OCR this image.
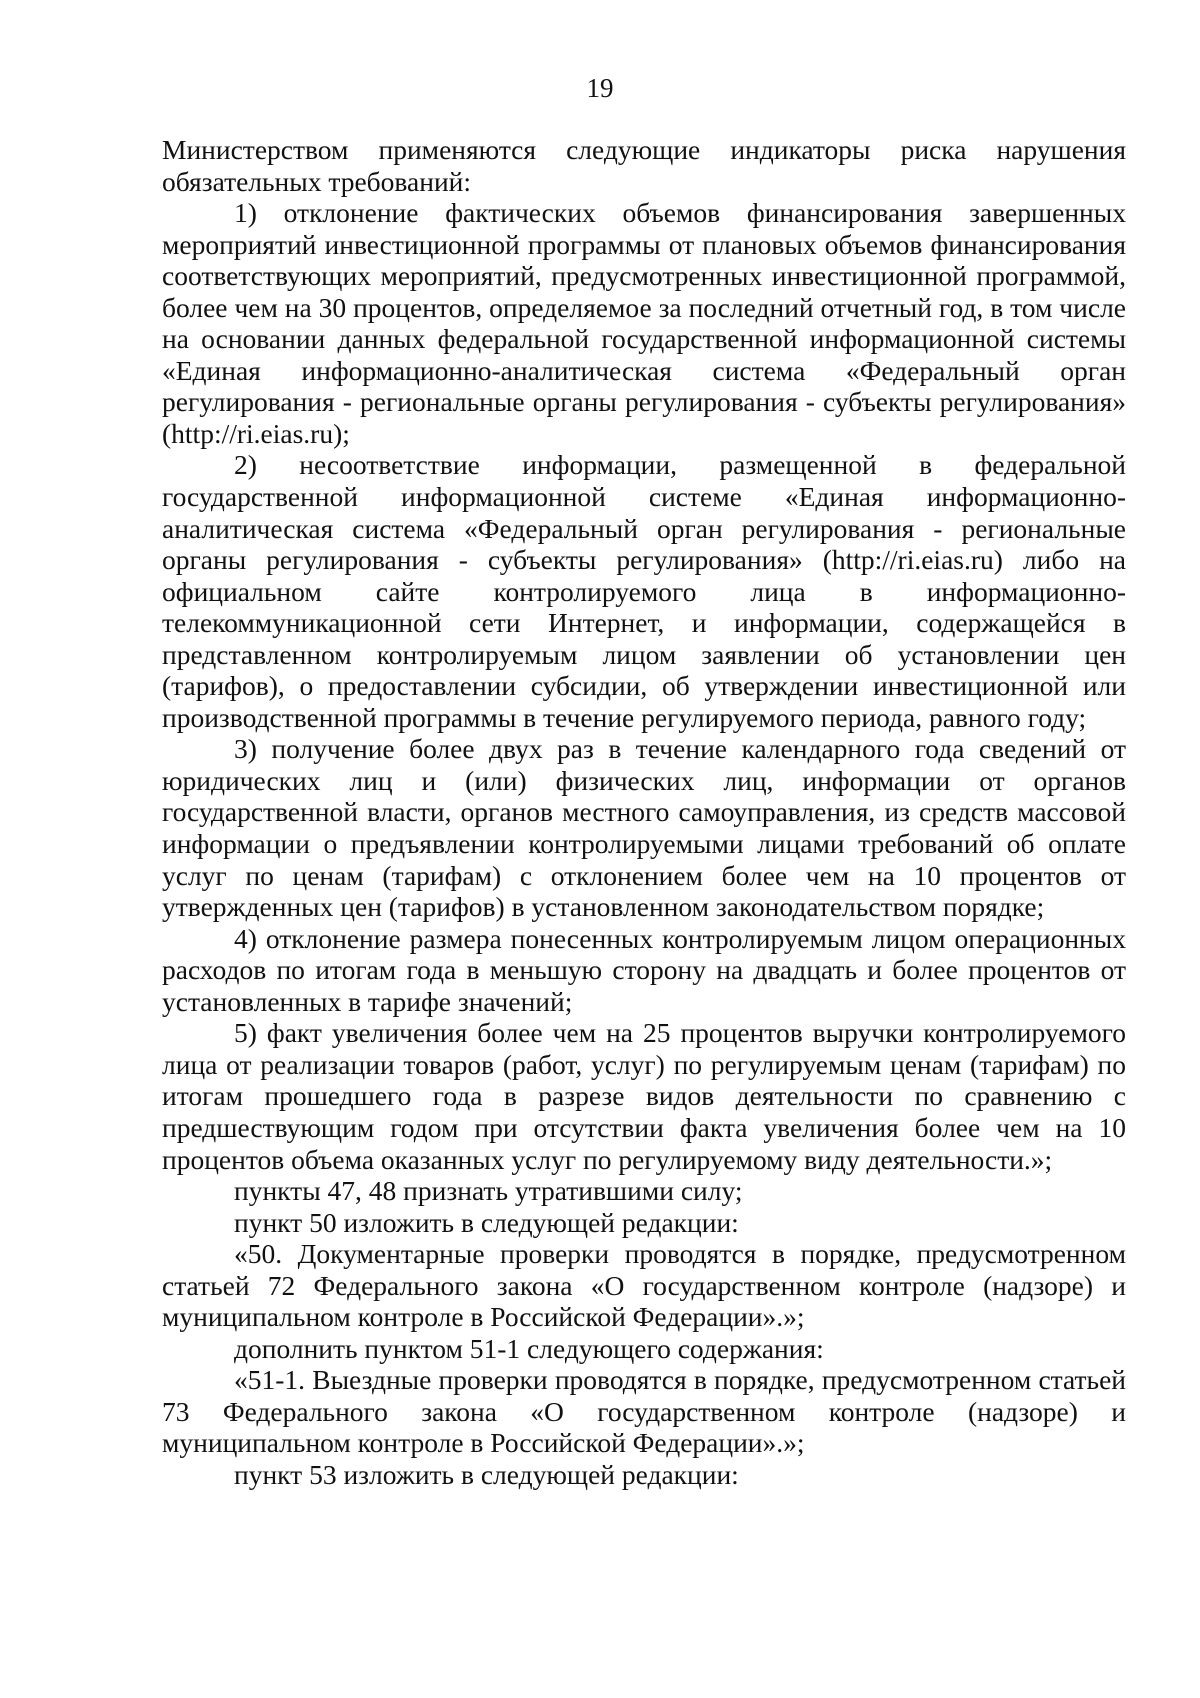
19

Министерством применяются следующие индикаторы риска нарушения обязательных требований:

1) отклонение фактических объемов финансирования завершенных мероприятий инвестиционной программы от плановых объемов финансирования соответствующих мероприятий, предусмотренных инвестиционной программой, более чем на 30 процентов, определяемое за последний отчетный год, в том числе на основании данных федеральной государственной информационной системы «Единая информационно-аналитическая система «Федеральный орган регулирования - региональные органы регулирования - субъекты регулирования» (http://ri.eias.ru);

2) несоответствие информации, размещенной в федеральной государственной информационной системе «Единая информационно-аналитическая система «Федеральный орган регулирования - региональные органы регулирования - субъекты регулирования» (http://ri.eias.ru) либо на официальном сайте контролируемого лица в информационно-телекоммуникационной сети Интернет, и информации, содержащейся в представленном контролируемым лицом заявлении об установлении цен (тарифов), о предоставлении субсидии, об утверждении инвестиционной или производственной программы в течение регулируемого периода, равного году;

3) получение более двух раз в течение календарного года сведений от юридических лиц и (или) физических лиц, информации от органов государственной власти, органов местного самоуправления, из средств массовой информации о предъявлении контролируемыми лицами требований об оплате услуг по ценам (тарифам) с отклонением более чем на 10 процентов от утвержденных цен (тарифов) в установленном законодательством порядке;

4) отклонение размера понесенных контролируемым лицом операционных расходов по итогам года в меньшую сторону на двадцать и более процентов от установленных в тарифе значений;

5) факт увеличения более чем на 25 процентов выручки контролируемого лица от реализации товаров (работ, услуг) по регулируемым ценам (тарифам) по итогам прошедшего года в разрезе видов деятельности по сравнению с предшествующим годом при отсутствии факта увеличения более чем на 10 процентов объема оказанных услуг по регулируемому виду деятельности.»;

пункты 47, 48 признать утратившими силу;

пункт 50 изложить в следующей редакции:

«50. Документарные проверки проводятся в порядке, предусмотренном статьей 72 Федерального закона «О государственном контроле (надзоре) и муниципальном контроле в Российской Федерации».»;

дополнить пунктом 51-1 следующего содержания:

«51-1. Выездные проверки проводятся в порядке, предусмотренном статьей 73 Федерального закона «О государственном контроле (надзоре) и муниципальном контроле в Российской Федерации».»;

пункт 53 изложить в следующей редакции:
